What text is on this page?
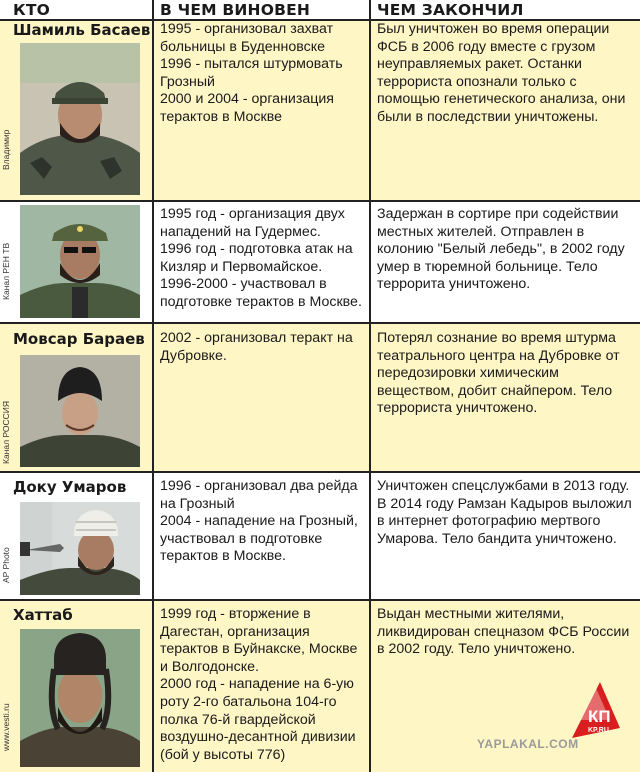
КТО	В ЧЕМ ВИНОВЕН	ЧЕМ ЗАКОНЧИЛ
Шамиль Басаев
Владимир
1995 - организовал захват больницы в Буденновске
1996 - пытался штурмовать Грозный
2000 и 2004 - организация терактов в Москве
Был уничтожен во время операции ФСБ в 2006 году вместе с грузом неуправляемых ракет. Останки террориста опознали только с помощью генетического анализа, они были в последствии уничтожены.
Канал РЕН ТВ
1995 год - организация двух нападений на Гудермес.
1996 год - подготовка атак на Кизляр и Первомайское.
1996-2000 - участвовал в подготовке терактов в Москве.
Задержан в сортире при содействии местных жителей. Отправлен в колонию "Белый лебедь", в 2002 году умер в тюремной больнице. Тело террорита уничтожено.
Мовсар Бараев
Канал РОССИЯ
2002 - организовал теракт на Дубровке.
Потерял сознание во время штурма театрального центра на Дубровке от передозировки химическим веществом, добит снайпером. Тело террориста уничтожено.
Доку Умаров
AP Photo
1996 - организовал два рейда на Грозный
2004 - нападение на Грозный, участвовал в подготовке терактов в Москве.
Уничтожен спецслужбами в 2013 году. В 2014 году Рамзан Кадыров выложил в интернет фотографию мертвого Умарова. Тело бандита уничтожено.
Хаттаб
www.vesti.ru
1999 год - вторжение в Дагестан, организация терактов в Буйнакске, Москве и Волгодонске.
2000 год - нападение на 6-ую роту 2-го батальона 104-го полка 76-й гвардейской воздушно-десантной дивизии (бой у высоты 776)
Выдан местными жителями, ликвидирован спецназом ФСБ России в 2002 году. Тело уничтожено.
КП
KP.RU
YAPLAKAL.COM
